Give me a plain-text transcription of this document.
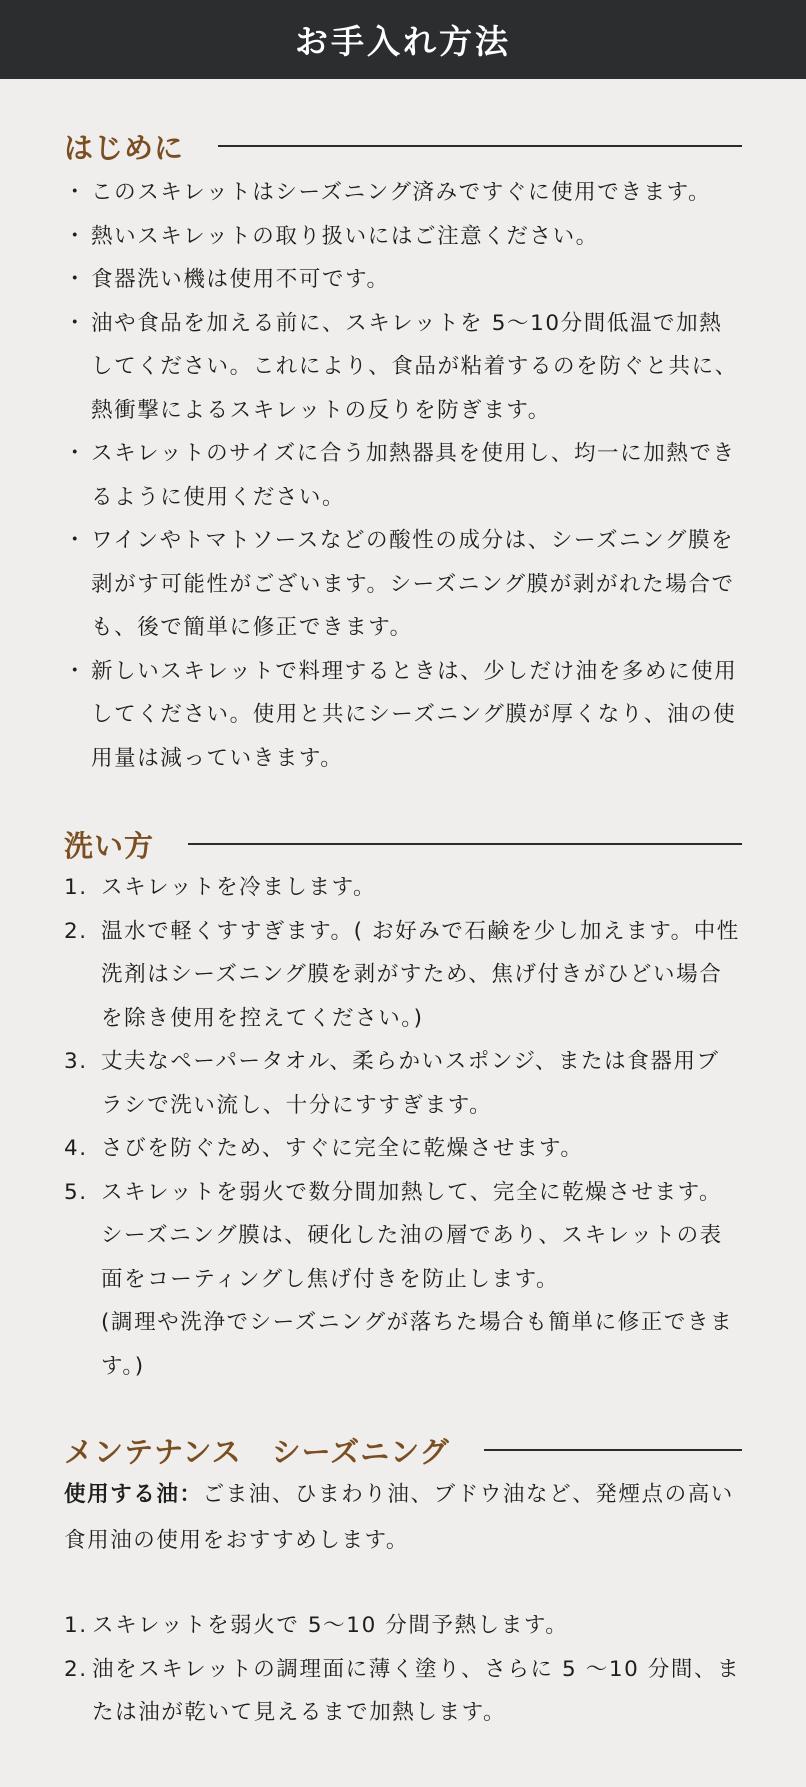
お手入れ方法
はじめに
・ このスキレットはシーズニング済みですぐに使用できます。
・ 熱いスキレットの取り扱いにはご注意ください。
・ 食器洗い機は使用不可です。
・ 油や食品を加える前に、スキレットを 5〜10分間低温で加熱してください。これにより、食品が粘着するのを防ぐと共に、熱衝撃によるスキレットの反りを防ぎます。
・ スキレットのサイズに合う加熱器具を使用し、均一に加熱できるように使用ください。
・ ワインやトマトソースなどの酸性の成分は、シーズニング膜を剥がす可能性がございます。シーズニング膜が剥がれた場合でも、後で簡単に修正できます。
・ 新しいスキレットで料理するときは、少しだけ油を多めに使用してください。使用と共にシーズニング膜が厚くなり、油の使用量は減っていきます。
洗い方
1. スキレットを冷まします。
2. 温水で軽くすすぎます。( お好みで石鹸を少し加えます。中性洗剤はシーズニング膜を剥がすため、焦げ付きがひどい場合を除き使用を控えてください。)
3. 丈夫なペーパータオル、柔らかいスポンジ、または食器用ブラシで洗い流し、十分にすすぎます。
4. さびを防ぐため、すぐに完全に乾燥させます。
5. スキレットを弱火で数分間加熱して、完全に乾燥させます。シーズニング膜は、硬化した油の層であり、スキレットの表面をコーティングし焦げ付きを防止します。
(調理や洗浄でシーズニングが落ちた場合も簡単に修正できます。)
メンテナンス　シーズニング
使用する油：ごま油、ひまわり油、ブドウ油など、発煙点の高い食用油の使用をおすすめします。
1. スキレットを弱火で 5〜10 分間予熱します。
2. 油をスキレットの調理面に薄く塗り、さらに 5 〜10 分間、または油が乾いて見えるまで加熱します。
